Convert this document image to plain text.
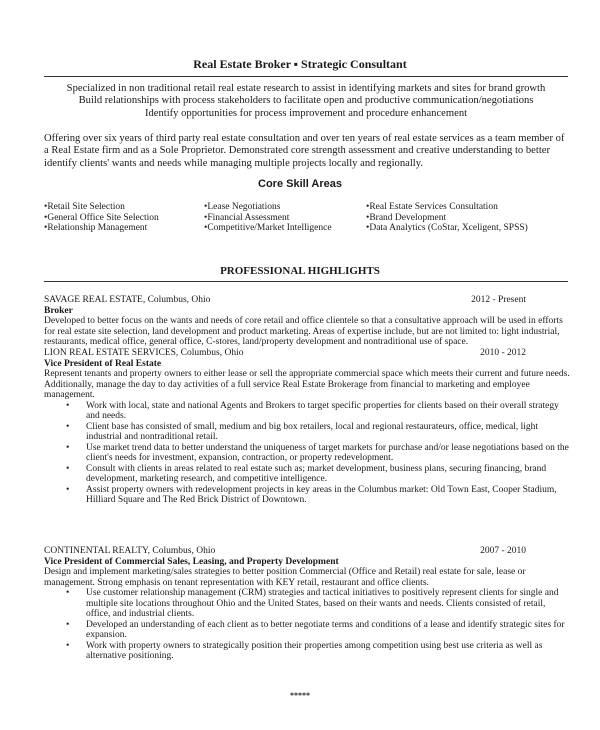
Real Estate Broker ▪ Strategic Consultant
Specialized in non traditional retail real estate research to assist in identifying markets and sites for brand growth
Build relationships with process stakeholders to facilitate open and productive communication/negotiations
Identify opportunities for process improvement and procedure enhancement
Offering over six years of third party real estate consultation and over ten years of real estate services as a team member of a Real Estate firm and as a Sole Proprietor. Demonstrated core strength assessment and creative understanding to better identify clients' wants and needs while managing multiple projects locally and regionally.
Core Skill Areas
• Retail Site Selection	• Lease Negotiations	• Real Estate Services Consultation
• General Office Site Selection	• Financial Assessment	• Brand Development
• Relationship Management	• Competitive/Market Intelligence	• Data Analytics (CoStar, Xceligent, SPSS)
PROFESSIONAL HIGHLIGHTS
SAVAGE REAL ESTATE, Columbus, Ohio	2012 - Present
Broker
Developed to better focus on the wants and needs of core retail and office clientele so that a consultative approach will be used in efforts for real estate site selection, land development and product marketing. Areas of expertise include, but are not limited to: light industrial, restaurants, medical office, general office, C-stores, land/property development and nontraditional use of space.
LION REAL ESTATE SERVICES, Columbus, Ohio	2010 - 2012
Vice President of Real Estate
Represent tenants and property owners to either lease or sell the appropriate commercial space which meets their current and future needs. Additionally, manage the day to day activities of a full service Real Estate Brokerage from financial to marketing and employee management.
• Work with local, state and national Agents and Brokers to target specific properties for clients based on their overall strategy and needs.
• Client base has consisted of small, medium and big box retailers, local and regional restaurateurs, office, medical, light industrial and nontraditional retail.
• Use market trend data to better understand the uniqueness of target markets for purchase and/or lease negotiations based on the client's needs for investment, expansion, contraction, or property redevelopment.
• Consult with clients in areas related to real estate such as; market development, business plans, securing financing, brand development, marketing research, and competitive intelligence.
• Assist property owners with redevelopment projects in key areas in the Columbus market: Old Town East, Cooper Stadium, Hilliard Square and The Red Brick District of Downtown.
CONTINENTAL REALTY, Columbus, Ohio	2007 - 2010
Vice President of Commercial Sales, Leasing, and Property Development
Design and implement marketing/sales strategies to better position Commercial (Office and Retail) real estate for sale, lease or management. Strong emphasis on tenant representation with KEY retail, restaurant and office clients.
• Use customer relationship management (CRM) strategies and tactical initiatives to positively represent clients for single and multiple site locations throughout Ohio and the United States, based on their wants and needs. Clients consisted of retail, office, and industrial clients.
• Developed an understanding of each client as to better negotiate terms and conditions of a lease and identify strategic sites for expansion.
• Work with property owners to strategically position their properties among competition using best use criteria as well as alternative positioning.
*****
